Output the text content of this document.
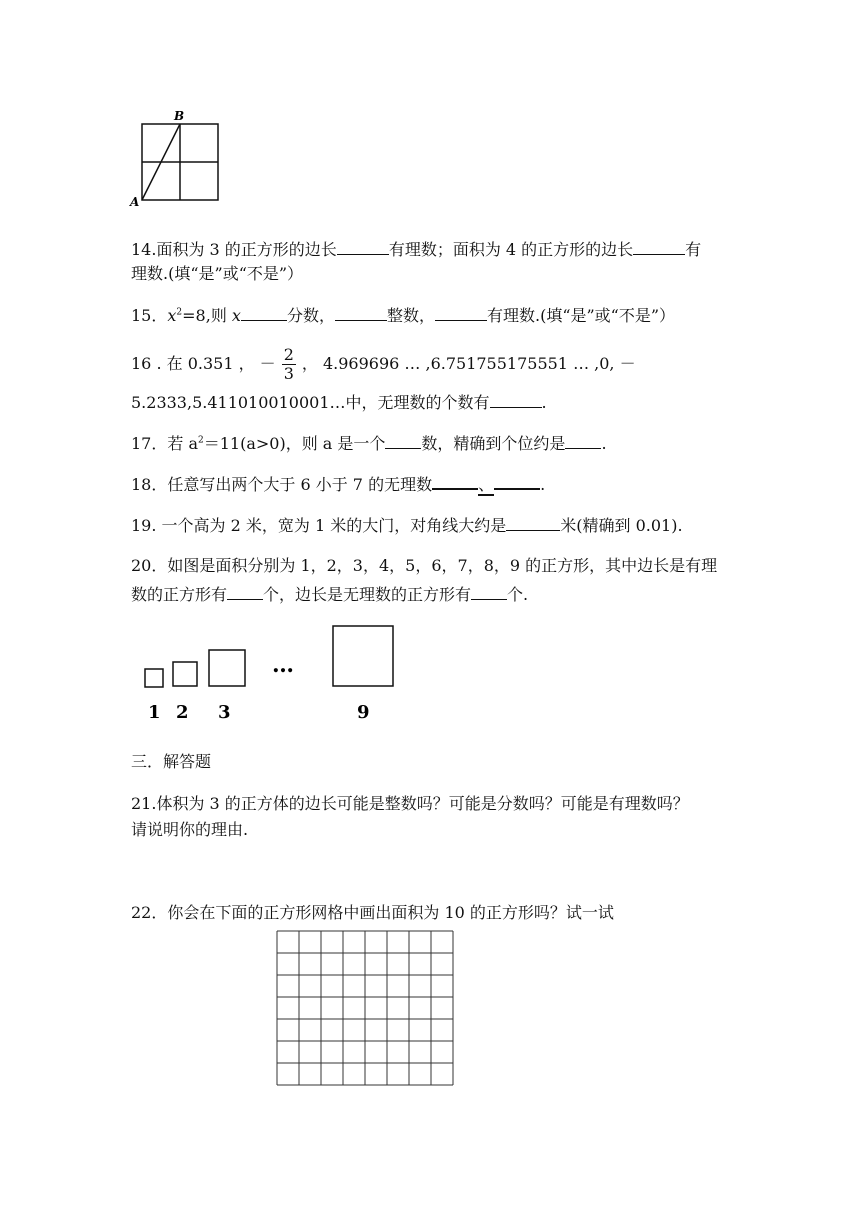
B
A
14.面积为 3 的正方形的边长	有理数；面积为 4 的正方形的边长	有
理数.(填“是”或“不是”）
15．$x^2=8$,则 x	分数，	整数，	有理数.(填“是”或“不是”）
16 . 在 0.351 ， － $\frac{2}{3}$ ， 4.969696 … ,6.751755175551 … ,0, －
5.2333,5.411010010001…中，无理数的个数有	.
17．若 $a^2=11(a>0)$，则 a 是一个 数，精确到个位约是 .
18．任意写出两个大于 6 小于 7 的无理数	、	.
19. 一个高为 2 米，宽为 1 米的大门，对角线大约是	米(精确到 0.01).
20．如图是面积分别为 1，2，3，4，5，6，7，8，9 的正方形，其中边长是有理
数的正方形有 个，边长是无理数的正方形有 个.
…
1 2 3	9
三．解答题
21.体积为 3 的正方体的边长可能是整数吗？可能是分数吗？可能是有理数吗？
请说明你的理由.
22．你会在下面的正方形网格中画出面积为 10 的正方形吗？试一试
